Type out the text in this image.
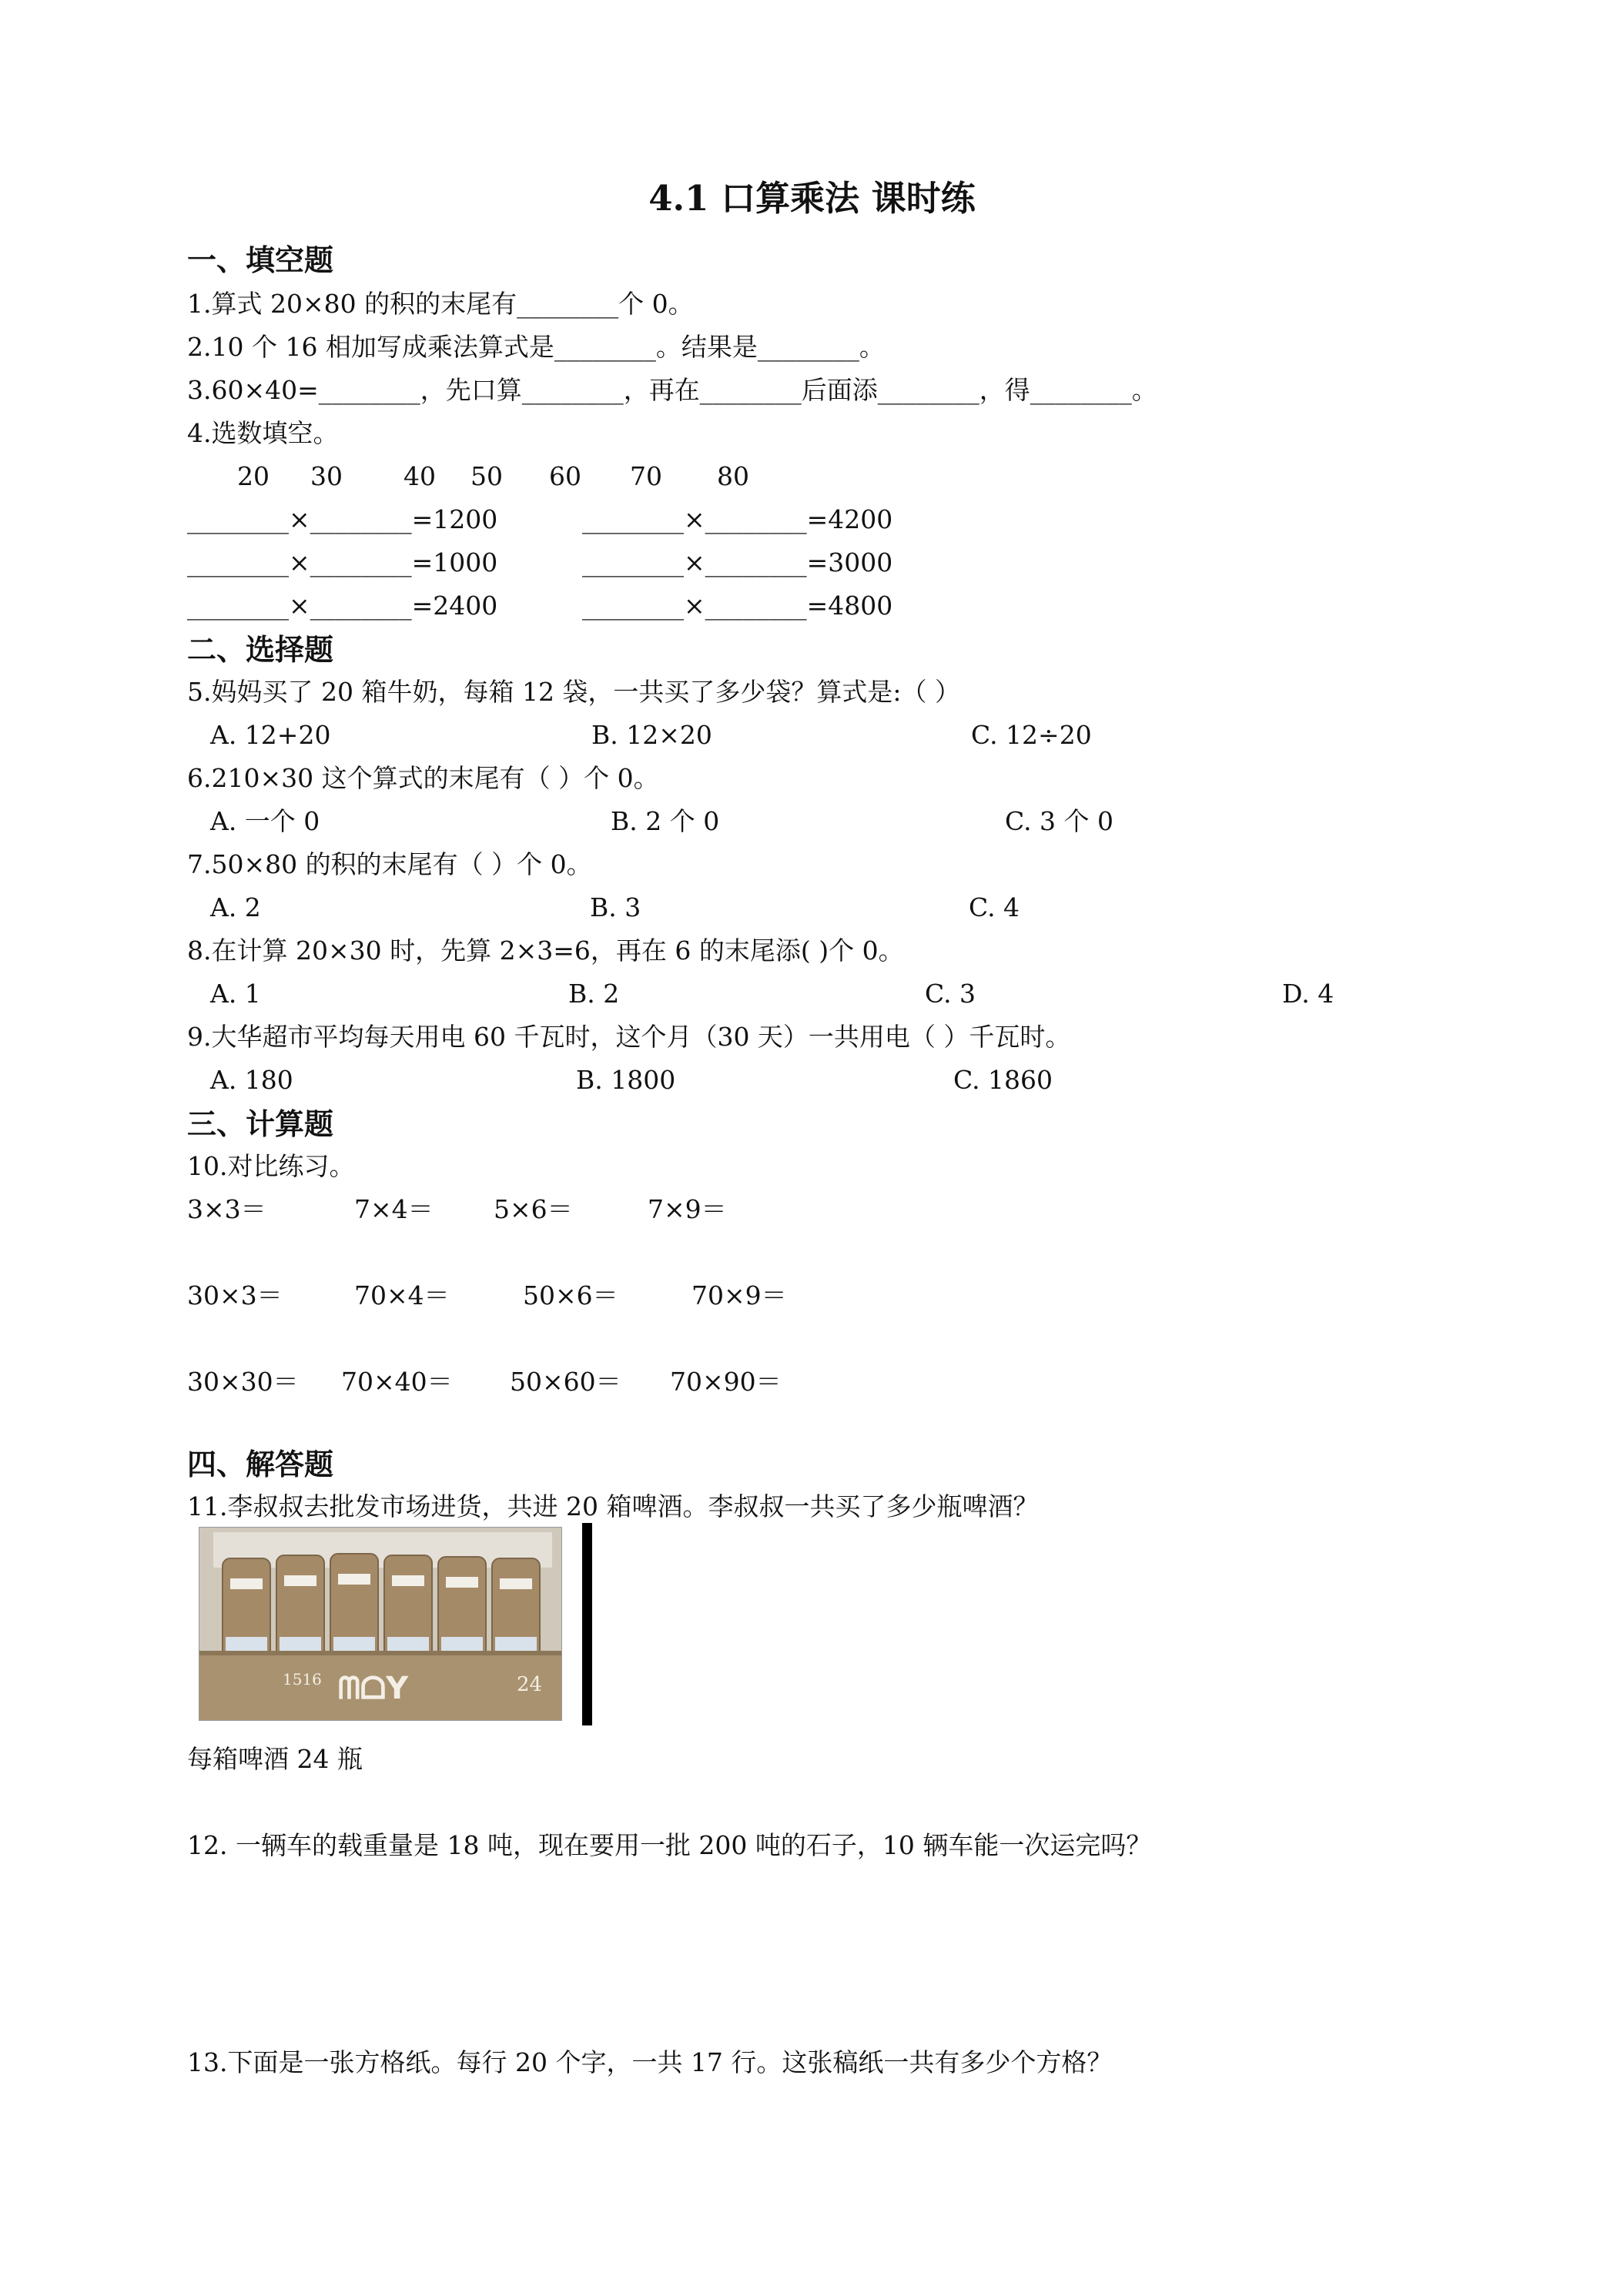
4.1 口算乘法 课时练
一、填空题
1.算式 20×80 的积的末尾有________个 0。
2.10 个 16 相加写成乘法算式是________。结果是________。
3.60×40=________，先口算________，再在________后面添________，得________。
4.选数填空。
20 30 40 50 60 70 80
________×________=1200	________×________=4200
________×________=1000	________×________=3000
________×________=2400	________×________=4800
二、选择题
5.妈妈买了 20 箱牛奶，每箱 12 袋，一共买了多少袋？算式是:（ ）
A. 12+20	B. 12×20	C. 12÷20
6.210×30 这个算式的末尾有（ ）个 0。
A. 一个 0	B. 2 个 0	C. 3 个 0
7.50×80 的积的末尾有（ ）个 0。
A. 2	B. 3	C. 4
8.在计算 20×30 时，先算 2×3=6，再在 6 的末尾添( )个 0。
A. 1	B. 2	C. 3	D. 4
9.大华超市平均每天用电 60 千瓦时，这个月（30 天）一共用电（ ）千瓦时。
A. 180	B. 1800	C. 1860
三、计算题
10.对比练习。
3×3＝	7×4＝ 5×6＝	7×9＝
30×3＝	70×4＝	50×6＝	70×9＝
30×30＝ 70×40＝ 50×60＝ 70×90＝
四、解答题
11.李叔叔去批发市场进货，共进 20 箱啤酒。李叔叔一共买了多少瓶啤酒？
1516 ᗰᗝY	24
每箱啤酒 24 瓶
12. 一辆车的载重量是 18 吨，现在要用一批 200 吨的石子，10 辆车能一次运完吗？
13.下面是一张方格纸。每行 20 个字，一共 17 行。这张稿纸一共有多少个方格？
